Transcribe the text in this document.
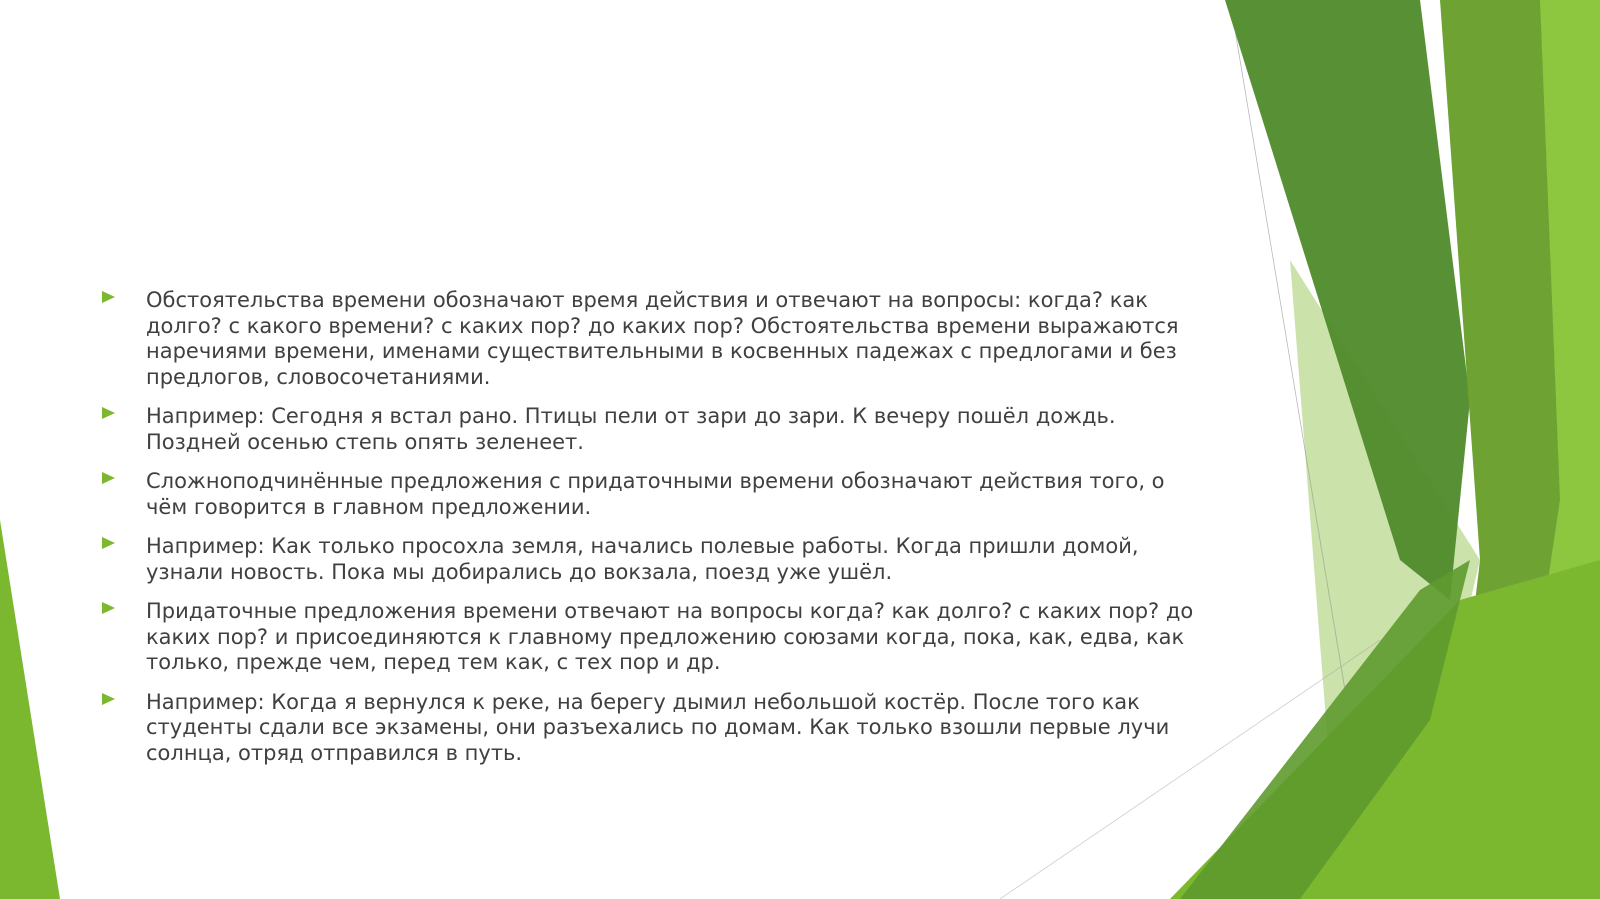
Обстоятельства времени обозначают время действия и отвечают на вопросы: когда? как долго? с какого времени? с каких пор? до каких пор? Обстоятельства времени выражаются наречиями времени, именами существительными в косвенных падежах с предлогами и без предлогов, словосочетаниями.
Например: Сегодня я встал рано. Птицы пели от зари до зари. К вечеру пошёл дождь. Поздней осенью степь опять зеленеет.
Сложноподчинённые предложения с придаточными времени обозначают действия того, о чём говорится в главном предложении.
Например: Как только просохла земля, начались полевые работы. Когда пришли домой, узнали новость. Пока мы добирались до вокзала, поезд уже ушёл.
Придаточные предложения времени отвечают на вопросы когда? как долго? с каких пор? до каких пор? и присоединяются к главному предложению союзами когда, пока, как, едва, как только, прежде чем, перед тем как, с тех пор и др.
Например: Когда я вернулся к реке, на берегу дымил небольшой костёр. После того как студенты сдали все экзамены, они разъехались по домам. Как только взошли первые лучи солнца, отряд отправился в путь.
